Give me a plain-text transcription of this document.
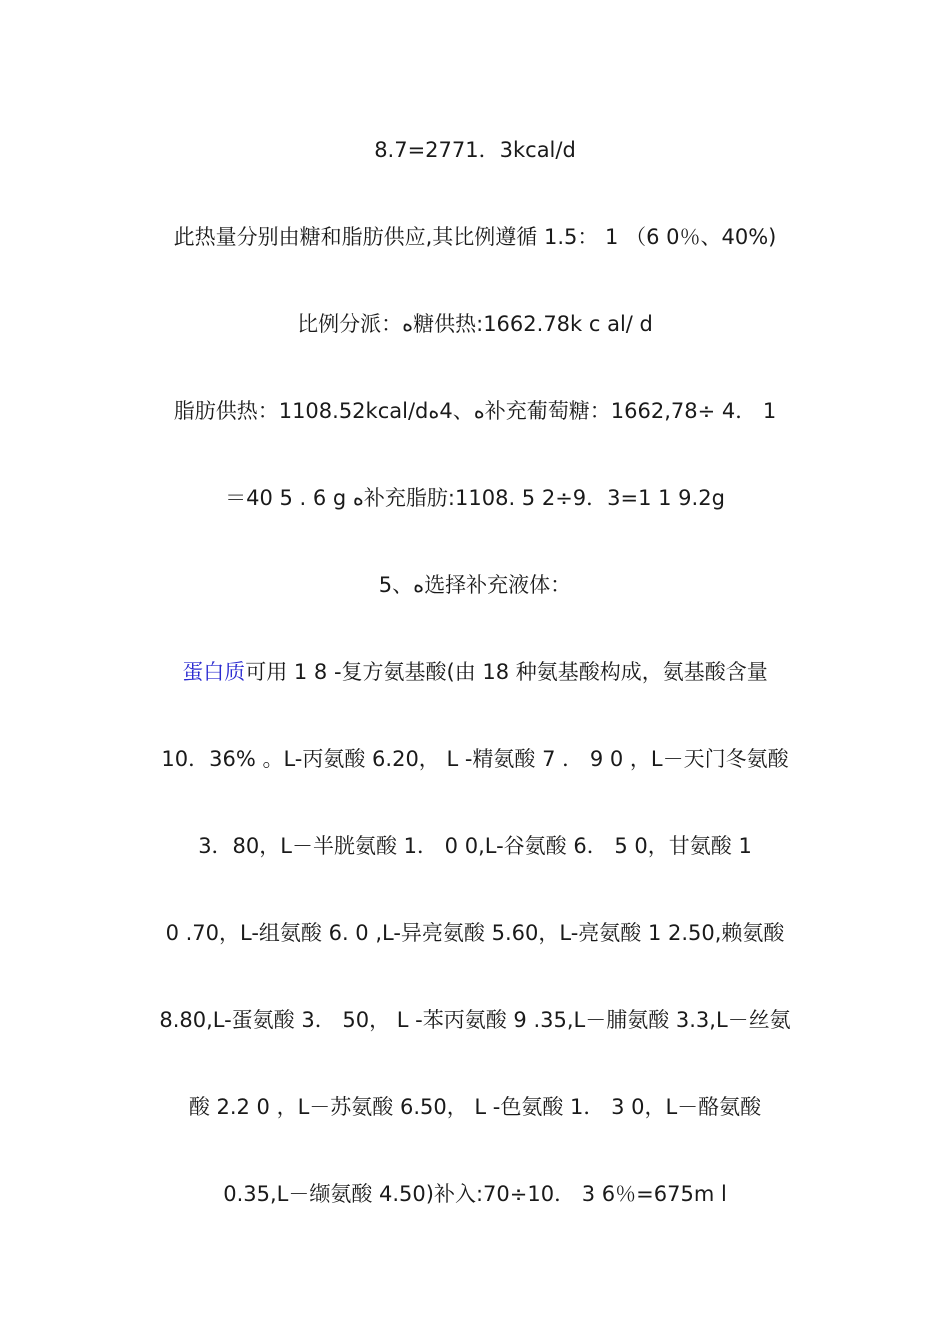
8.7=2771．3kcal/d
此热量分别由糖和脂肪供应,其比例遵循 1.5： 1 （6 0％、40%)
比例分派：ﻩ糖供热:1662.78k c al/ d
脂肪供热：1108.52kcal/dﻩ、4ﻩ补充葡萄糖：1662,78÷ 4． 1
＝40 5 . 6 g ﻩ补充脂肪:1108. 5 2÷9．3=1 1 9.2g
5、ﻩ选择补充液体：
蛋白质可用 1 8 -复方氨基酸(由 18 种氨基酸构成，氨基酸含量
10．36% 。L-丙氨酸 6.20， L -精氨酸 7 ． 9 0 ，L－天门冬氨酸
3．80，L－半胱氨酸 1． 0 0,L-谷氨酸 6． 5 0，甘氨酸 1
0 .70，L-组氨酸 6. 0 ,L-异亮氨酸 5.60，L-亮氨酸 1 2.50,赖氨酸
8.80,L-蛋氨酸 3． 50， L -苯丙氨酸 9 .35,L－脯氨酸 3.3,L－丝氨
酸 2.2 0 ，L－苏氨酸 6.50， L -色氨酸 1． 3 0，L－酪氨酸
0.35,L－缬氨酸 4.50)补入:70÷10． 3 6％=675m l
